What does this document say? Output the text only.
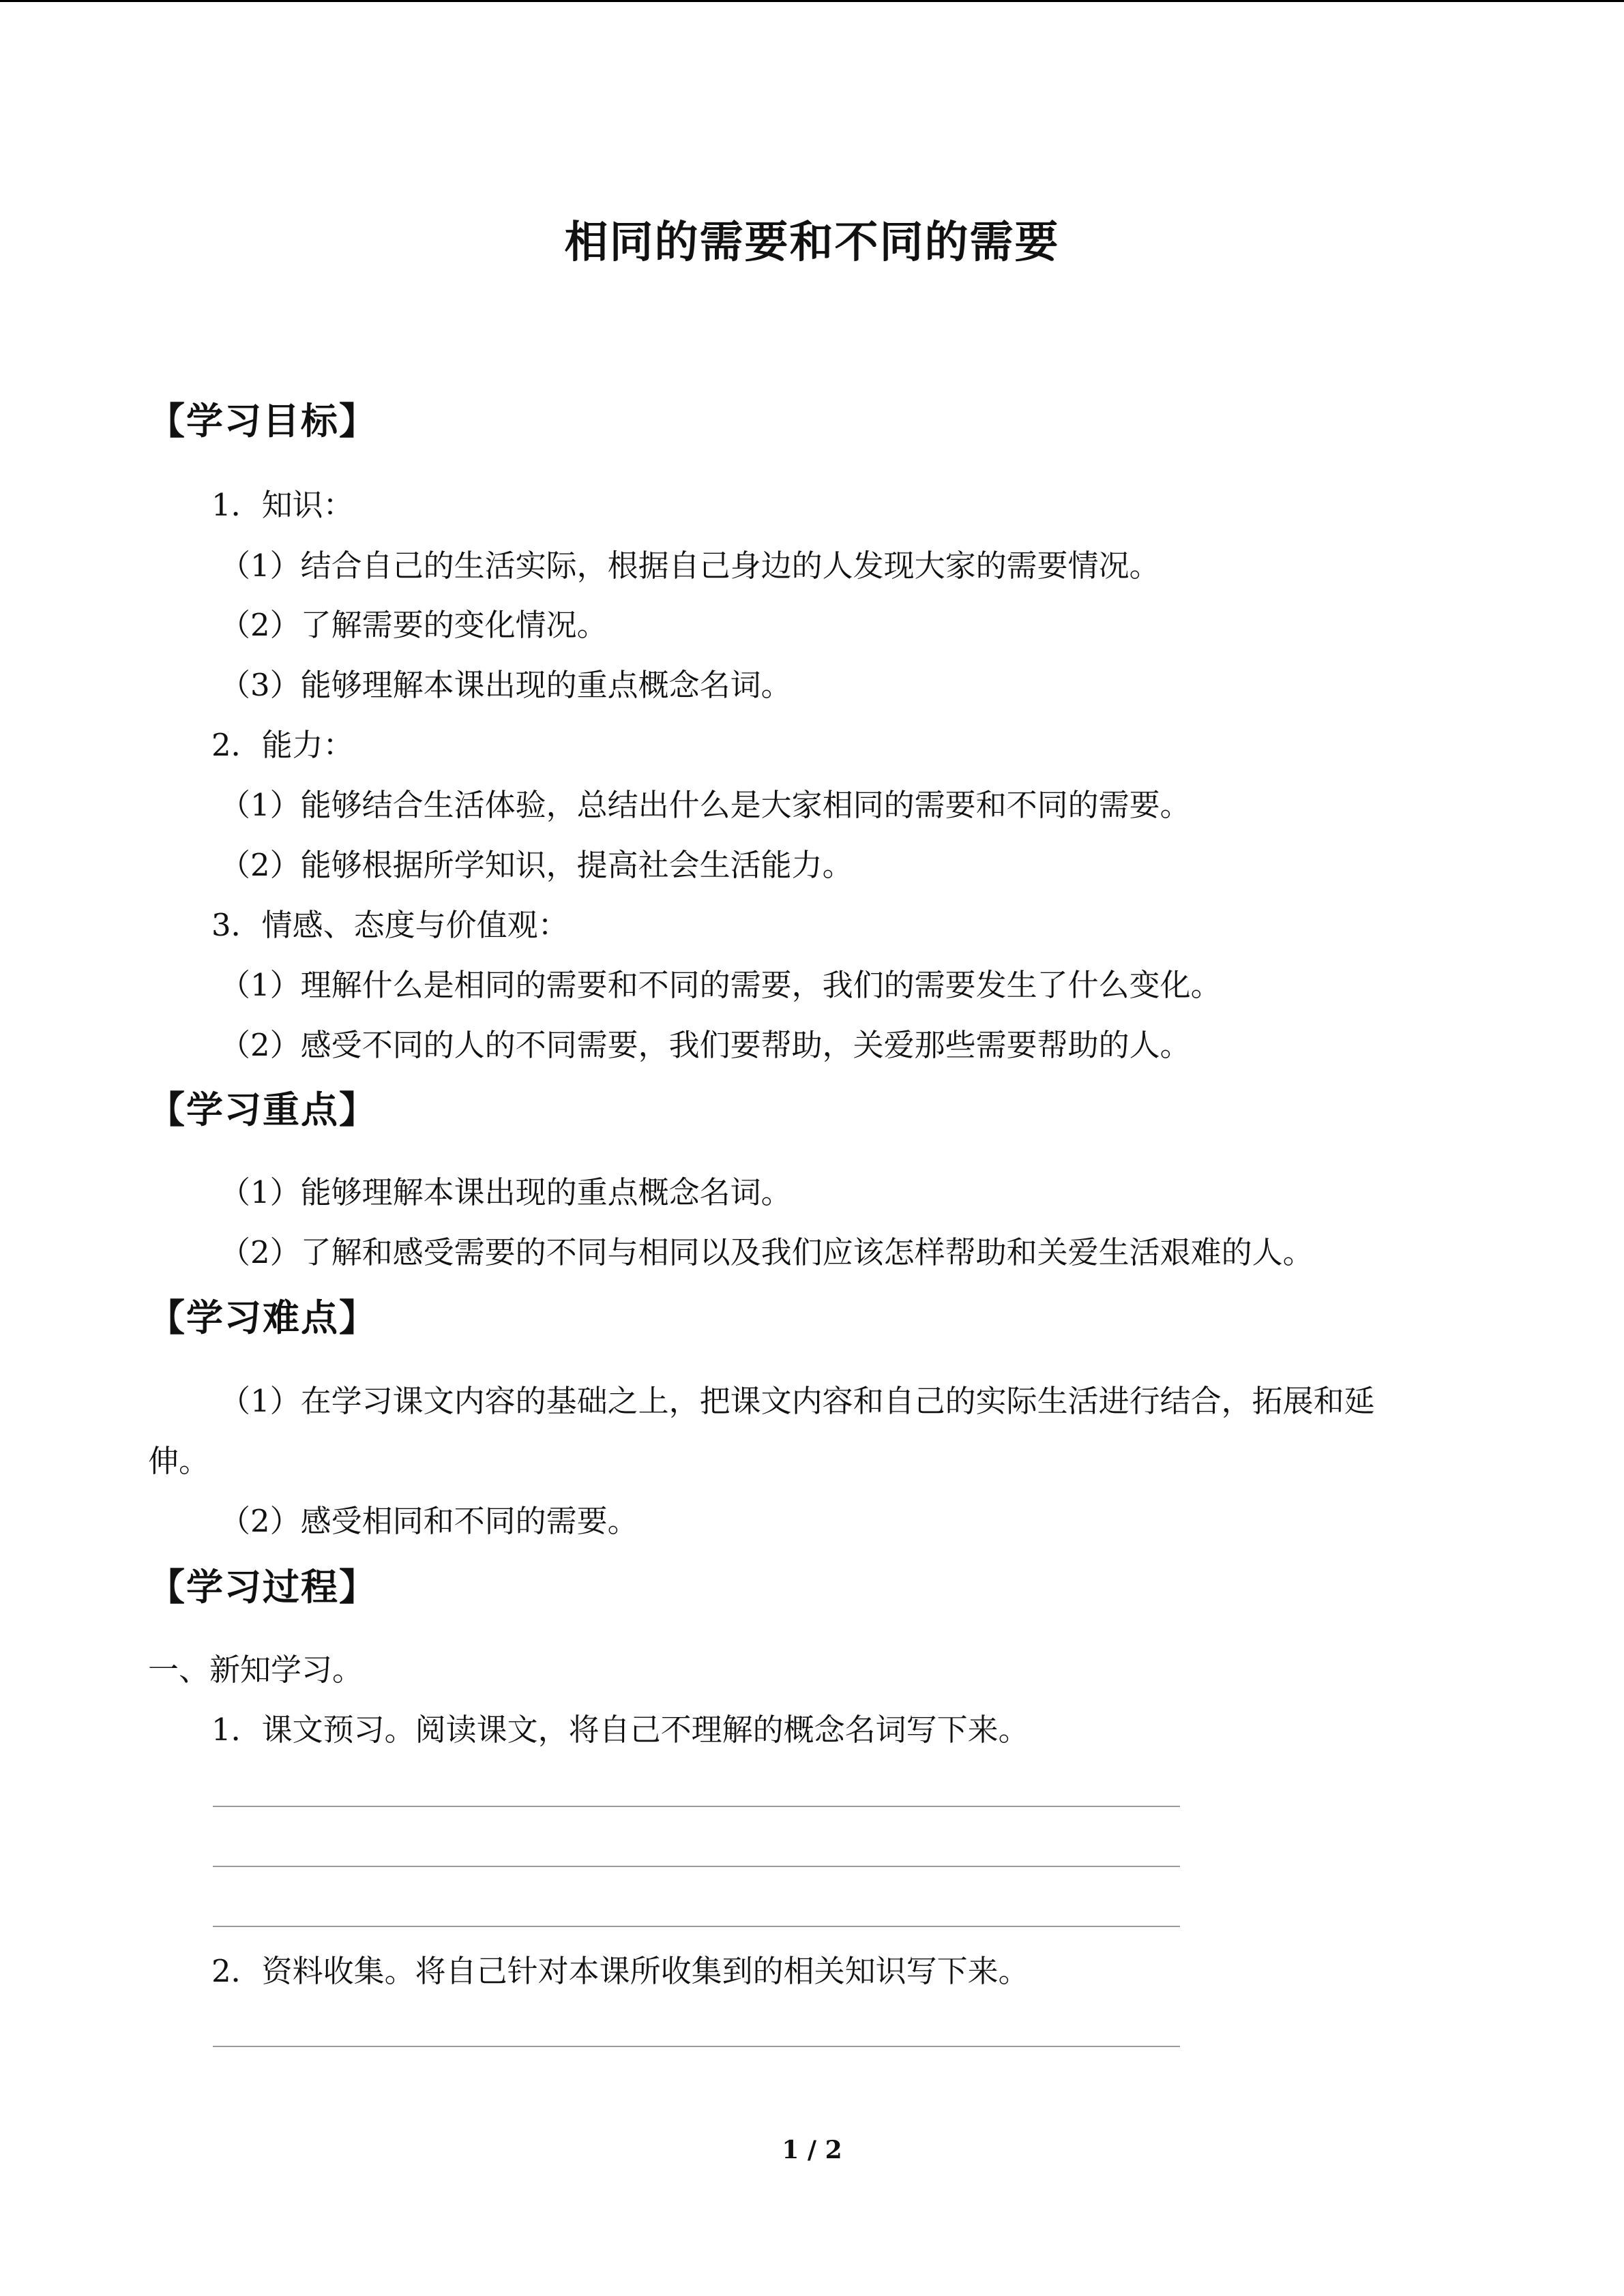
相同的需要和不同的需要
【学习目标】
1．知识：
（1）结合自己的生活实际，根据自己身边的人发现大家的需要情况。
（2）了解需要的变化情况。
（3）能够理解本课出现的重点概念名词。
2．能力：
（1）能够结合生活体验，总结出什么是大家相同的需要和不同的需要。
（2）能够根据所学知识，提高社会生活能力。
3．情感、态度与价值观：
（1）理解什么是相同的需要和不同的需要，我们的需要发生了什么变化。
（2）感受不同的人的不同需要，我们要帮助，关爱那些需要帮助的人。
【学习重点】
（1）能够理解本课出现的重点概念名词。
（2）了解和感受需要的不同与相同以及我们应该怎样帮助和关爱生活艰难的人。
【学习难点】
（1）在学习课文内容的基础之上，把课文内容和自己的实际生活进行结合，拓展和延
伸。
（2）感受相同和不同的需要。
【学习过程】
一、新知学习。
1．课文预习。阅读课文，将自己不理解的概念名词写下来。
2．资料收集。将自己针对本课所收集到的相关知识写下来。
1 / 2
